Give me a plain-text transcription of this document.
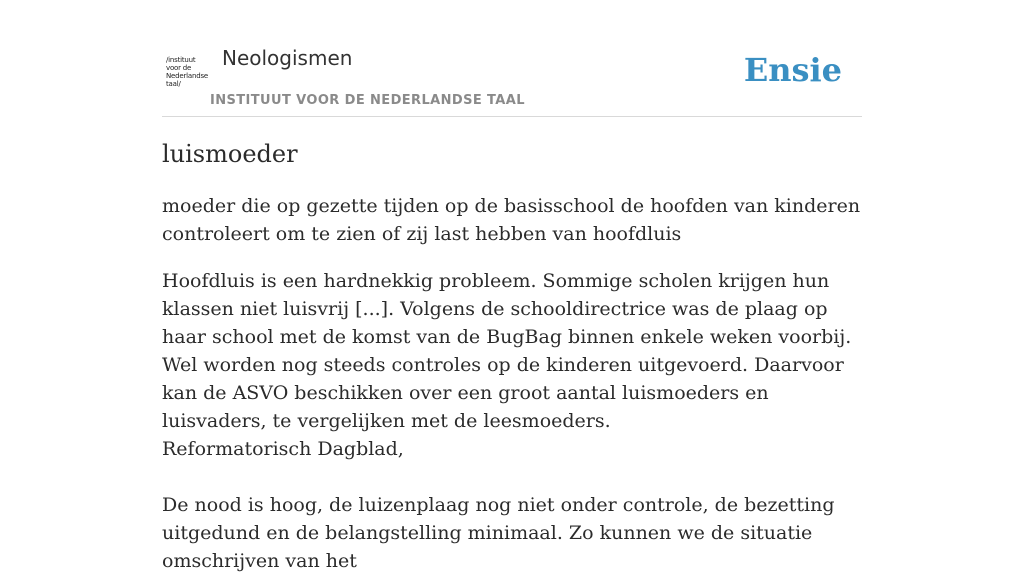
/instituut
voor de
Nederlandse
taal/
Neologismen
INSTITUUT VOOR DE NEDERLANDSE TAAL
Ensie
luismoeder
moeder die op gezette tijden op de basisschool de hoofden van kinderen controleert om te zien of zij last hebben van hoofdluis

Hoofdluis is een hardnekkig probleem. Sommige scholen krijgen hun klassen niet luisvrij [...]. Volgens de schooldirectrice was de plaag op haar school met de komst van de BugBag binnen enkele weken voorbij. Wel worden nog steeds controles op de kinderen uitgevoerd. Daarvoor kan de ASVO beschikken over een groot aantal luismoeders en luisvaders, te vergelijken met de leesmoeders.

Reformatorisch Dagblad,

De nood is hoog, de luizenplaag nog niet onder controle, de bezetting uitgedund en de belangstelling minimaal. Zo kunnen we de situatie omschrijven van het
